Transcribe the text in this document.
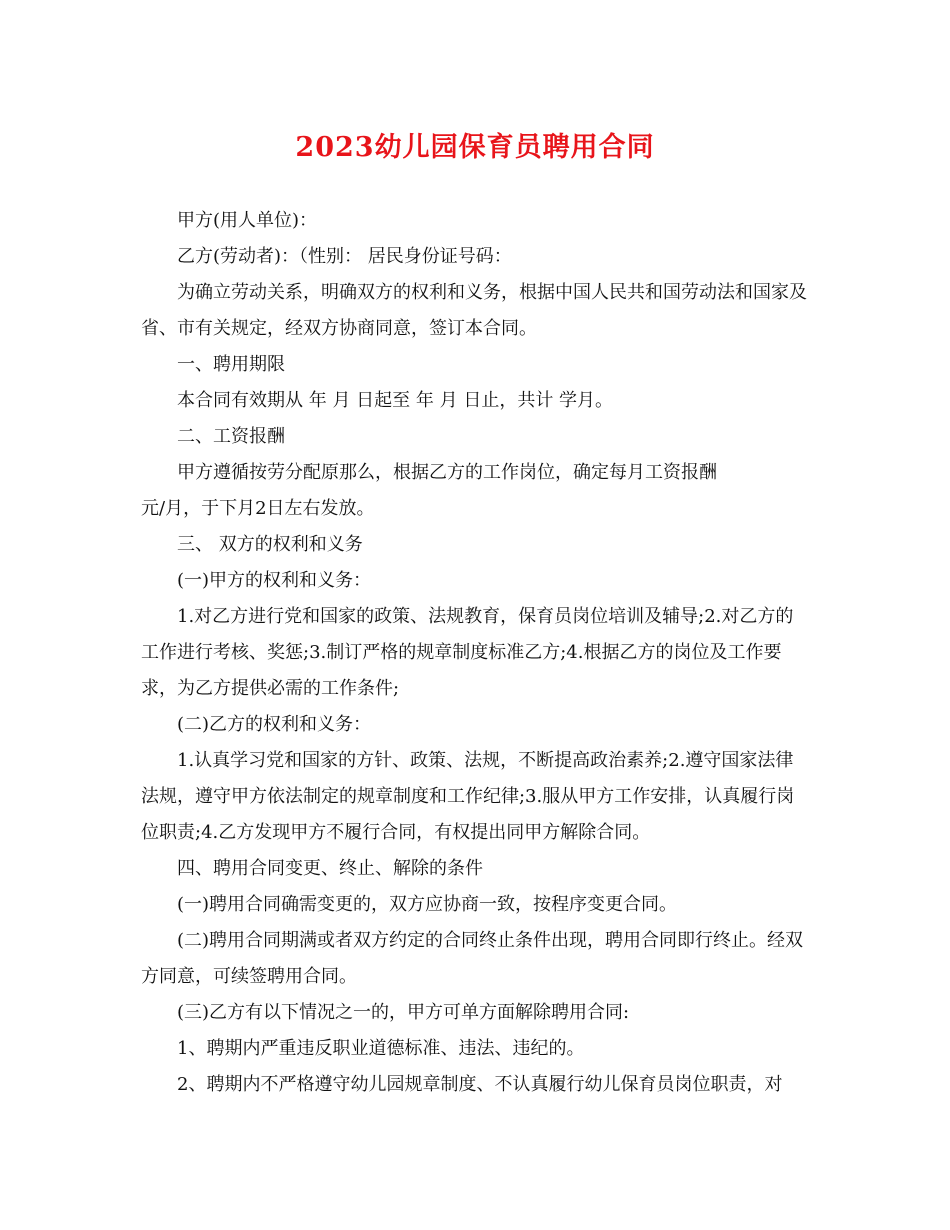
2023幼儿园保育员聘用合同

甲方(用人单位)：

乙方(劳动者)：（性别： 居民身份证号码：

为确立劳动关系，明确双方的权利和义务，根据中国人民共和国劳动法和国家及省、市有关规定，经双方协商同意，签订本合同。

一、聘用期限

本合同有效期从 年 月 日起至 年 月 日止，共计 学月。

二、工资报酬

甲方遵循按劳分配原那么，根据乙方的工作岗位，确定每月工资报酬

元/月，于下月2日左右发放。

三、 双方的权利和义务

(一)甲方的权利和义务：

1.对乙方进行党和国家的政策、法规教育，保育员岗位培训及辅导;2.对乙方的工作进行考核、奖惩;3.制订严格的规章制度标准乙方;4.根据乙方的岗位及工作要求，为乙方提供必需的工作条件;

(二)乙方的权利和义务：

1.认真学习党和国家的方针、政策、法规，不断提高政治素养;2.遵守国家法律法规，遵守甲方依法制定的规章制度和工作纪律;3.服从甲方工作安排，认真履行岗位职责;4.乙方发现甲方不履行合同，有权提出同甲方解除合同。

四、聘用合同变更、终止、解除的条件

(一)聘用合同确需变更的，双方应协商一致，按程序变更合同。

(二)聘用合同期满或者双方约定的合同终止条件出现，聘用合同即行终止。经双方同意，可续签聘用合同。

(三)乙方有以下情况之一的，甲方可单方面解除聘用合同:

1、聘期内严重违反职业道德标准、违法、违纪的。

2、聘期内不严格遵守幼儿园规章制度、不认真履行幼儿保育员岗位职责，对
